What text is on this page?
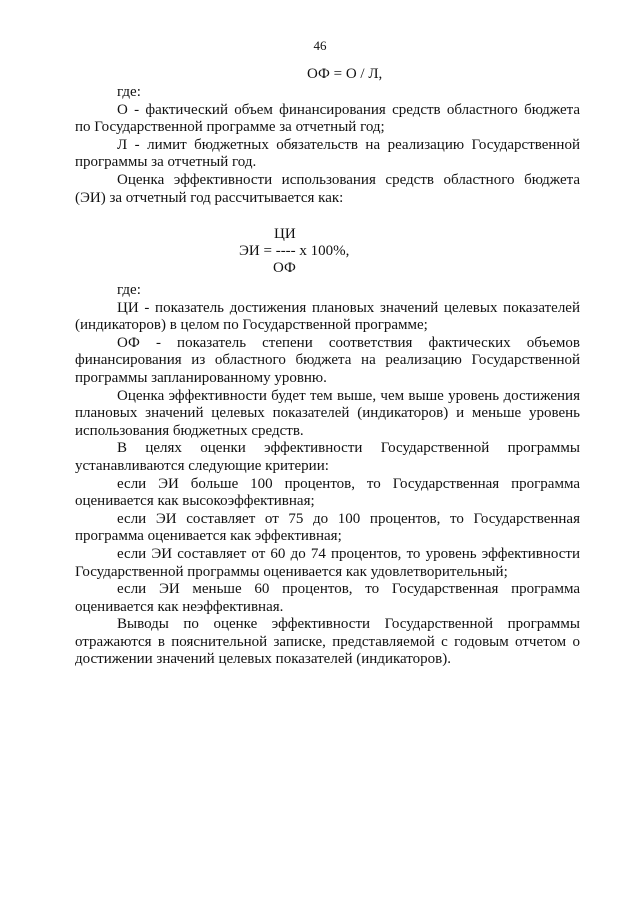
46
ОФ = О / Л,

где:

О - фактический объем финансирования средств областного бюджета по Государственной программе за отчетный год;

Л - лимит бюджетных обязательств на реализацию Государственной программы за отчетный год.

Оценка эффективности использования средств областного бюджета (ЭИ) за отчетный год рассчитывается как:

ЦИ
ЭИ = ---- х 100%,
ОФ

где:

ЦИ - показатель достижения плановых значений целевых показателей (индикаторов) в целом по Государственной программе;

ОФ - показатель степени соответствия фактических объемов финансирования из областного бюджета на реализацию Государственной программы запланированному уровню.

Оценка эффективности будет тем выше, чем выше уровень достижения плановых значений целевых показателей (индикаторов) и меньше уровень использования бюджетных средств.

В целях оценки эффективности Государственной программы устанавливаются следующие критерии:

если ЭИ больше 100 процентов, то Государственная программа оценивается как высокоэффективная;

если ЭИ составляет от 75 до 100 процентов, то Государственная программа оценивается как эффективная;

если ЭИ составляет от 60 до 74 процентов, то уровень эффективности Государственной программы оценивается как удовлетворительный;

если ЭИ меньше 60 процентов, то Государственная программа оценивается как неэффективная.

Выводы по оценке эффективности Государственной программы отражаются в пояснительной записке, представляемой с годовым отчетом о достижении значений целевых показателей (индикаторов).
